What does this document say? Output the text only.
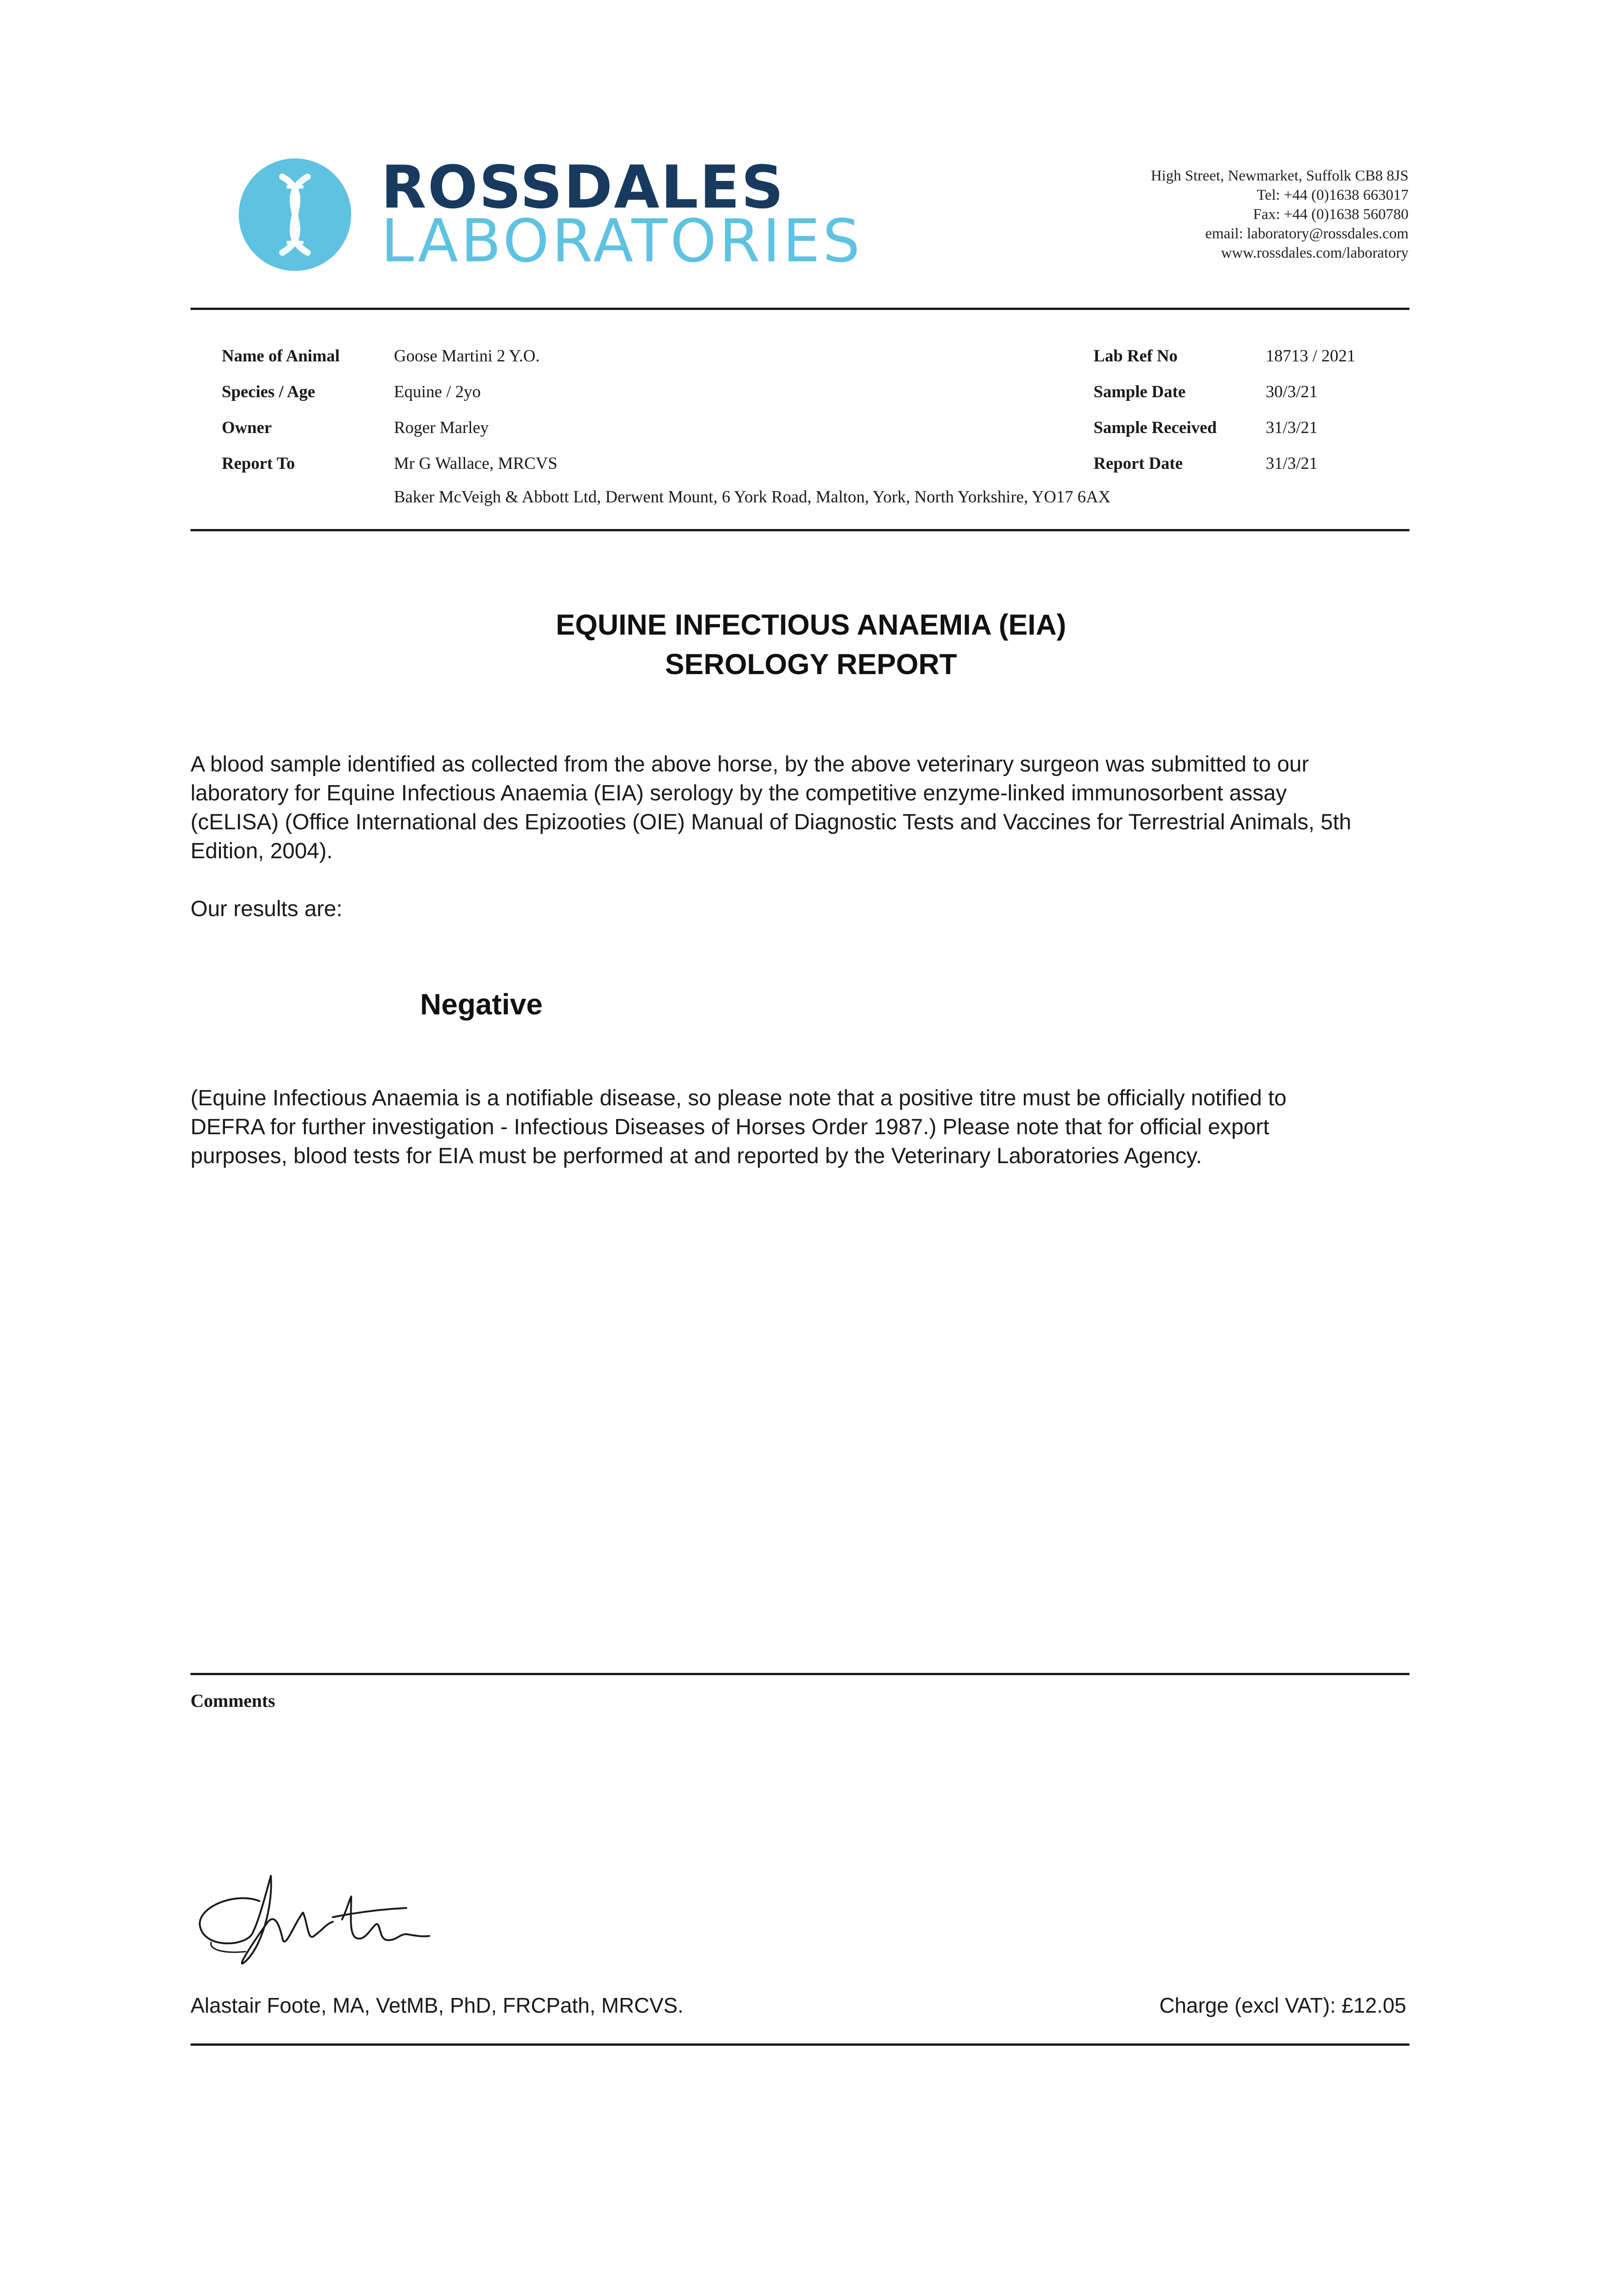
ROSSDALES
LABORATORIES
High Street, Newmarket, Suffolk CB8 8JS
Tel: +44 (0)1638 663017
Fax: +44 (0)1638 560780
email: laboratory@rossdales.com
www.rossdales.com/laboratory
Name of Animal	Goose Martini 2 Y.O.
Species / Age	Equine / 2yo
Owner	Roger Marley
Report To	Mr G Wallace, MRCVS
Baker McVeigh & Abbott Ltd, Derwent Mount, 6 York Road, Malton, York, North Yorkshire, YO17 6AX
Lab Ref No	18713 / 2021
Sample Date	30/3/21
Sample Received	31/3/21
Report Date	31/3/21
EQUINE INFECTIOUS ANAEMIA (EIA)
SEROLOGY REPORT
A blood sample identified as collected from the above horse, by the above veterinary surgeon was submitted to our
laboratory for Equine Infectious Anaemia (EIA) serology by the competitive enzyme-linked immunosorbent assay
(cELISA) (Office International des Epizooties (OIE) Manual of Diagnostic Tests and Vaccines for Terrestrial Animals, 5th
Edition, 2004).
Our results are:
Negative
(Equine Infectious Anaemia is a notifiable disease, so please note that a positive titre must be officially notified to
DEFRA for further investigation - Infectious Diseases of Horses Order 1987.) Please note that for official export
purposes, blood tests for EIA must be performed at and reported by the Veterinary Laboratories Agency.
Comments
Alastair Foote, MA, VetMB, PhD, FRCPath, MRCVS.	Charge (excl VAT): £12.05
